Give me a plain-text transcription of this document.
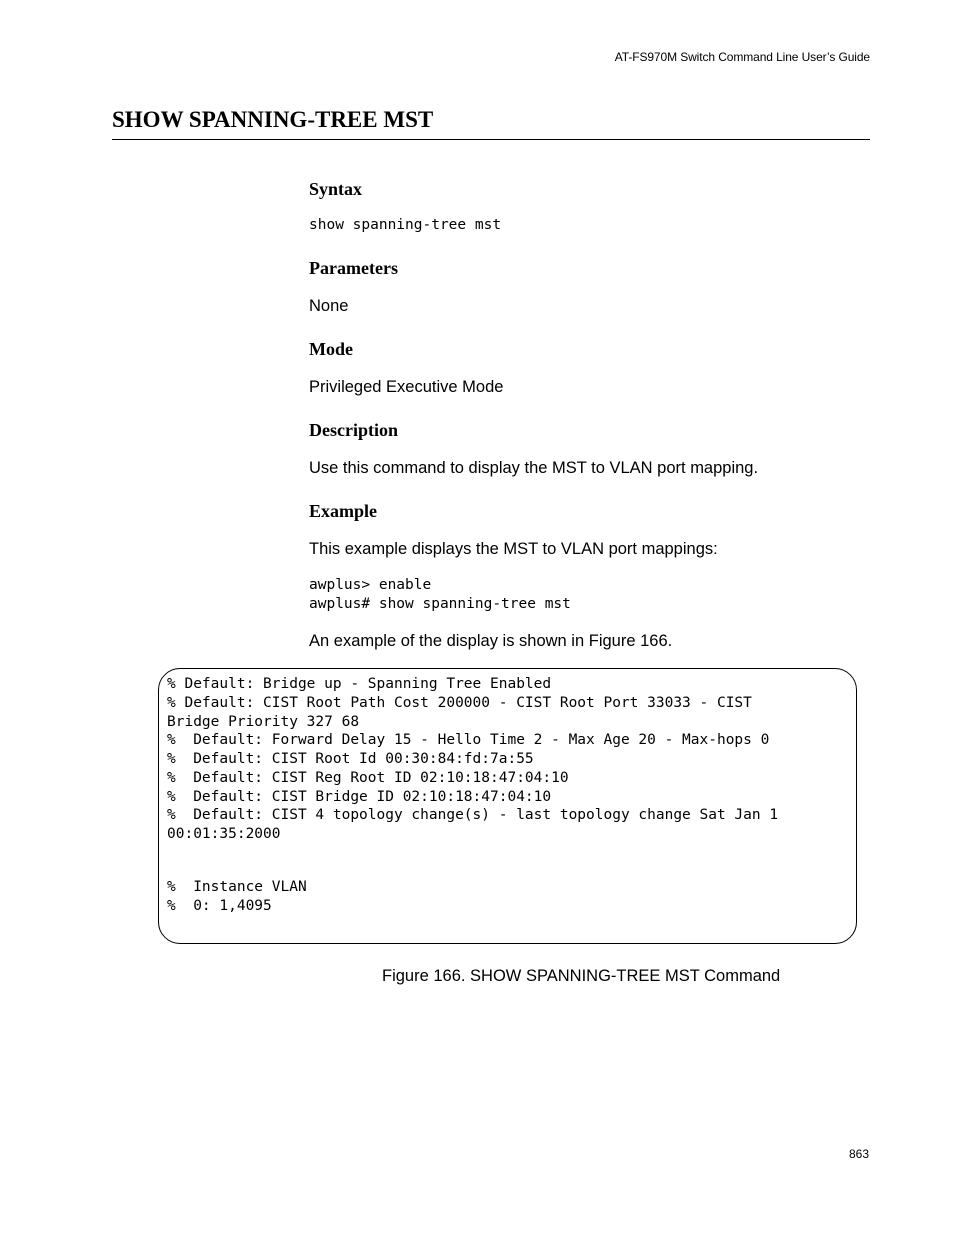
AT-FS970M Switch Command Line User’s Guide
SHOW SPANNING-TREE MST
Syntax
show spanning-tree mst
Parameters

None

Mode

Privileged Executive Mode

Description

Use this command to display the MST to VLAN port mapping.

Example

This example displays the MST to VLAN port mappings:

awplus> enable
awplus# show spanning-tree mst

An example of the display is shown in Figure 166.

% Default: Bridge up - Spanning Tree Enabled
% Default: CIST Root Path Cost 200000 - CIST Root Port 33033 - CIST
Bridge Priority 327 68
%  Default: Forward Delay 15 - Hello Time 2 - Max Age 20 - Max-hops 0
%  Default: CIST Root Id 00:30:84:fd:7a:55
%  Default: CIST Reg Root ID 02:10:18:47:04:10
%  Default: CIST Bridge ID 02:10:18:47:04:10
%  Default: CIST 4 topology change(s) - last topology change Sat Jan 1
00:01:35:2000
%  Instance VLAN
%  0: 1,4095

Figure 166. SHOW SPANNING-TREE MST Command

863
